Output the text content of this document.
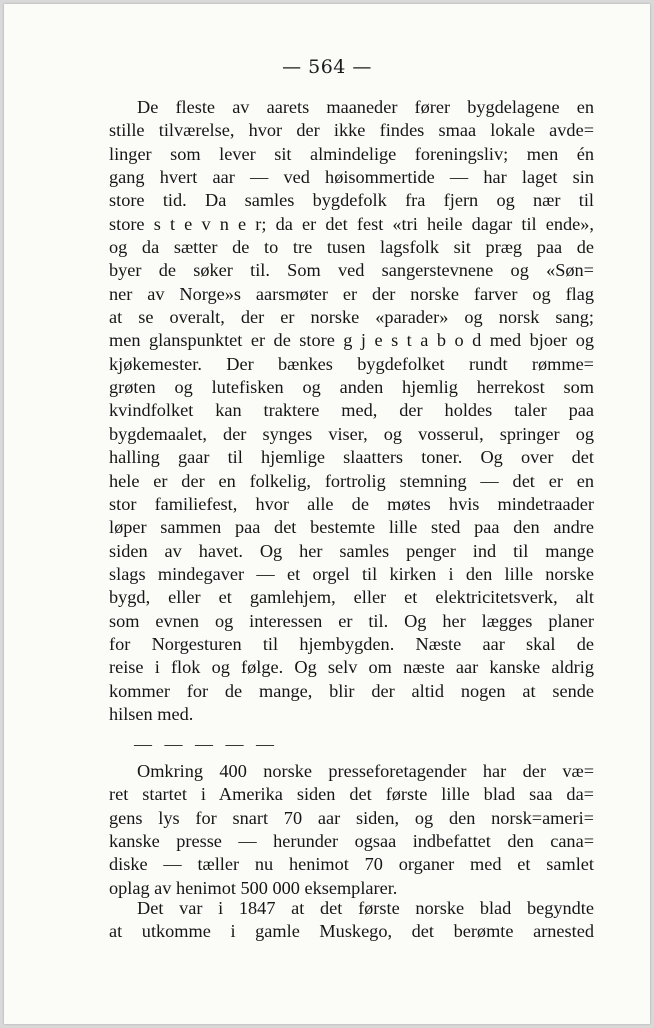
— 564 —
De fleste av aarets maaneder fører bygdelagene en
stille tilværelse, hvor der ikke findes smaa lokale avde=
linger som lever sit almindelige foreningsliv; men én
gang hvert aar — ved høisommertide — har laget sin
store tid. Da samles bygdefolk fra fjern og nær til
store s t e v n e r; da er det fest «tri heile dagar til ende»,
og da sætter de to tre tusen lagsfolk sit præg paa de
byer de søker til. Som ved sangerstevnene og «Søn=
ner av Norge»s aarsmøter er der norske farver og flag
at se overalt, der er norske «parader» og norsk sang;
men glanspunktet er de store g j e s t a b o d med bjoer og
kjøkemester. Der bænkes bygdefolket rundt rømme=
grøten og lutefisken og anden hjemlig herrekost som
kvindfolket kan traktere med, der holdes taler paa
bygdemaalet, der synges viser, og vosserul, springer og
halling gaar til hjemlige slaatters toner. Og over det
hele er der en folkelig, fortrolig stemning — det er en
stor familiefest, hvor alle de møtes hvis mindetraader
løper sammen paa det bestemte lille sted paa den andre
siden av havet. Og her samles penger ind til mange
slags mindegaver — et orgel til kirken i den lille norske
bygd, eller et gamlehjem, eller et elektricitetsverk, alt
som evnen og interessen er til. Og her lægges planer
for Norgesturen til hjembygden. Næste aar skal de
reise i flok og følge. Og selv om næste aar kanske aldrig
kommer for de mange, blir der altid nogen at sende
hilsen med.
— — — — —
Omkring 400 norske presseforetagender har der væ=
ret startet i Amerika siden det første lille blad saa da=
gens lys for snart 70 aar siden, og den norsk=ameri=
kanske presse — herunder ogsaa indbefattet den cana=
diske — tæller nu henimot 70 organer med et samlet
oplag av henimot 500 000 eksemplarer.
Det var i 1847 at det første norske blad begyndte
at utkomme i gamle Muskego, det berømte arnested
